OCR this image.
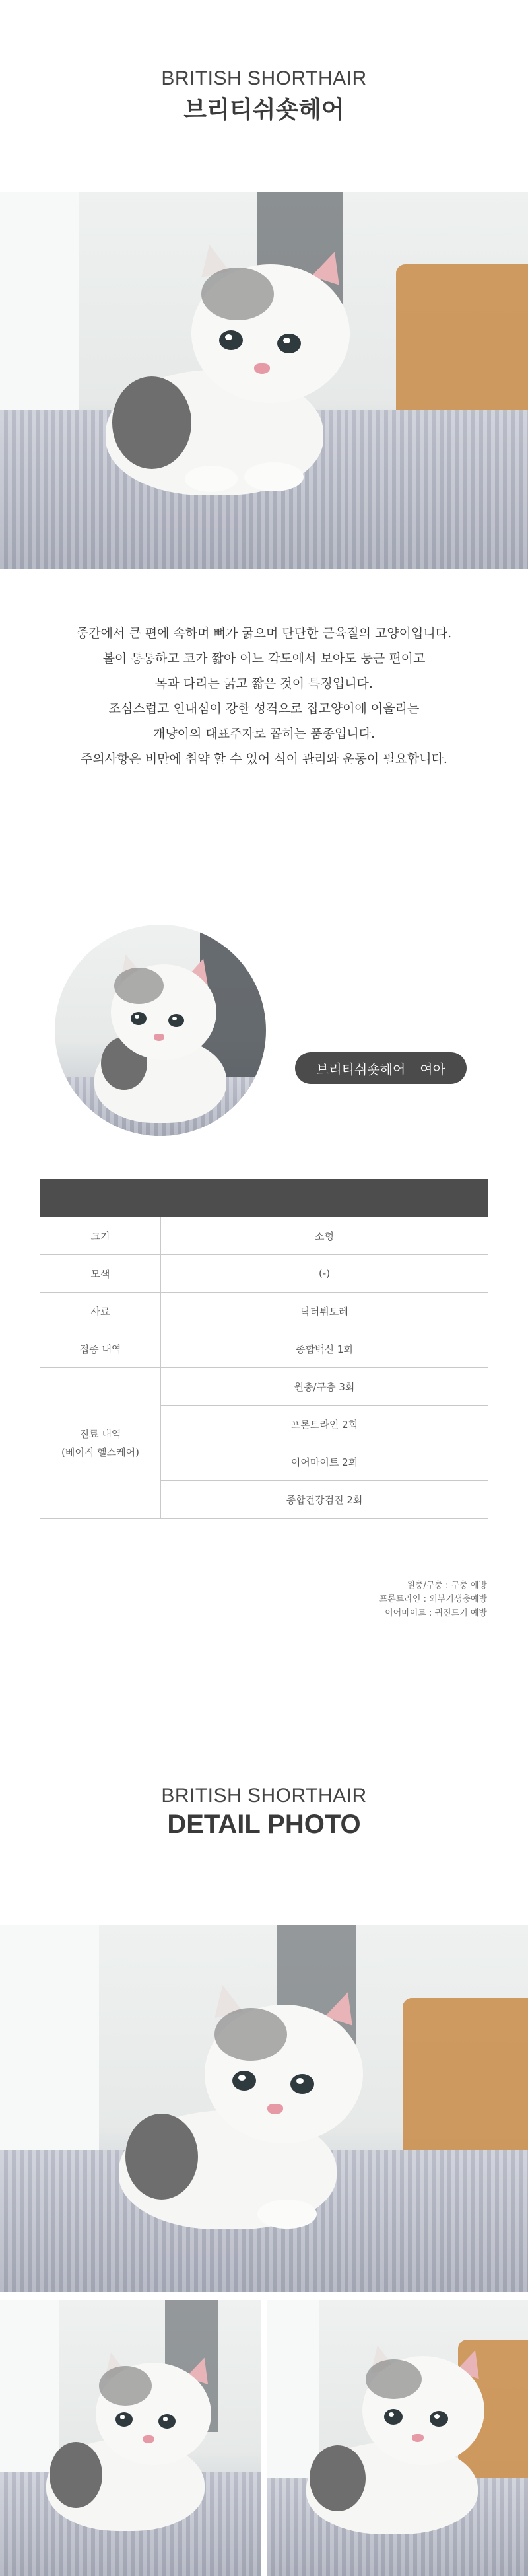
BRITISH SHORTHAIR
브리티쉬숏헤어

중간에서 큰 편에 속하며 뼈가 굵으며 단단한 근육질의 고양이입니다.

볼이 통통하고 코가 짧아 어느 각도에서 보아도 둥근 편이고

목과 다리는 굵고 짧은 것이 특징입니다.

조심스럽고 인내심이 강한 성격으로 집고양이에 어울리는

개냥이의 대표주자로 꼽히는 품종입니다.

주의사항은 비만에 취약 할 수 있어 식이 관리와 운동이 필요합니다.

브리티쉬숏헤어 여아

크기	소형
모색	(-)
사료	닥터뷔토레
접종 내역	종합백신 1회

진료 내역
(베이직 헬스케어)	원충/구충 3회
	프론트라인 2회
	이어마이트 2회
	종합건강검진 2회
원충/구충 : 구충 예방
프론트라인 : 외부기생충예방
이어마이트 : 귀진드기 예방
BRITISH SHORTHAIR
DETAIL PHOTO
